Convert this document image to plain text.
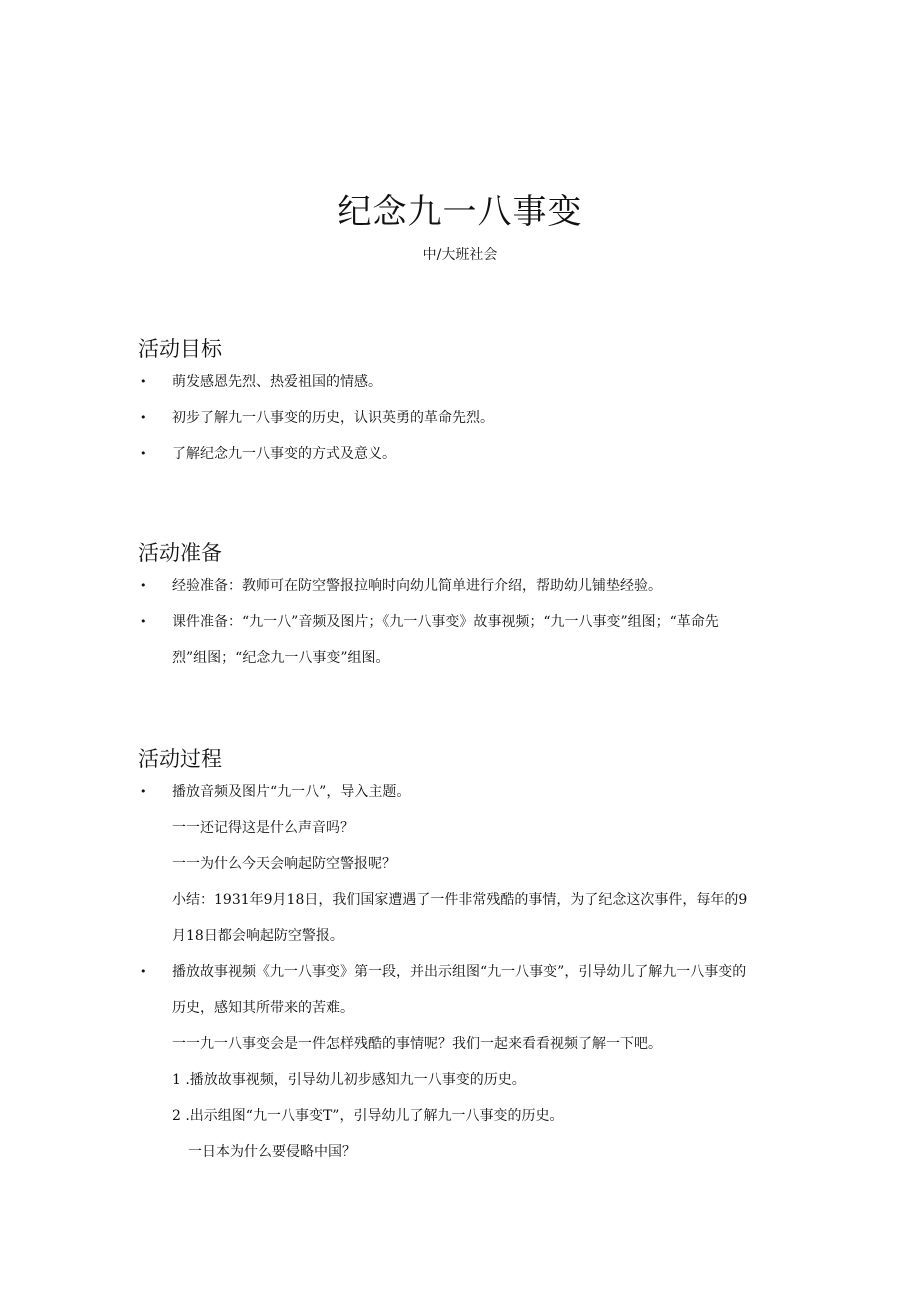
纪念九一八事变
中/大班社会
活动目标
• 萌发感恩先烈、热爱祖国的情感。
• 初步了解九一八事变的历史，认识英勇的革命先烈。
• 了解纪念九一八事变的方式及意义。
活动准备
• 经验准备：教师可在防空警报拉响时向幼儿简单进行介绍，帮助幼儿铺垫经验。
• 课件准备：“九一八”音频及图片；《九一八事变》故事视频；“九一八事变”组图；“革命先
烈”组图；“纪念九一八事变”组图。
活动过程
• 播放音频及图片“九一八”，导入主题。
一一还记得这是什么声音吗？
一一为什么今天会响起防空警报呢？
小结：1931年9月18日，我们国家遭遇了一件非常残酷的事情，为了纪念这次事件，每年的9
月18日都会响起防空警报。
• 播放故事视频《九一八事变》第一段，并出示组图“九一八事变”，引导幼儿了解九一八事变的
历史，感知其所带来的苦难。
一一九一八事变会是一件怎样残酷的事情呢？我们一起来看看视频了解一下吧。
1 .播放故事视频，引导幼儿初步感知九一八事变的历史。
2 .出示组图“九一八事变T”，引导幼儿了解九一八事变的历史。
一日本为什么要侵略中国？
